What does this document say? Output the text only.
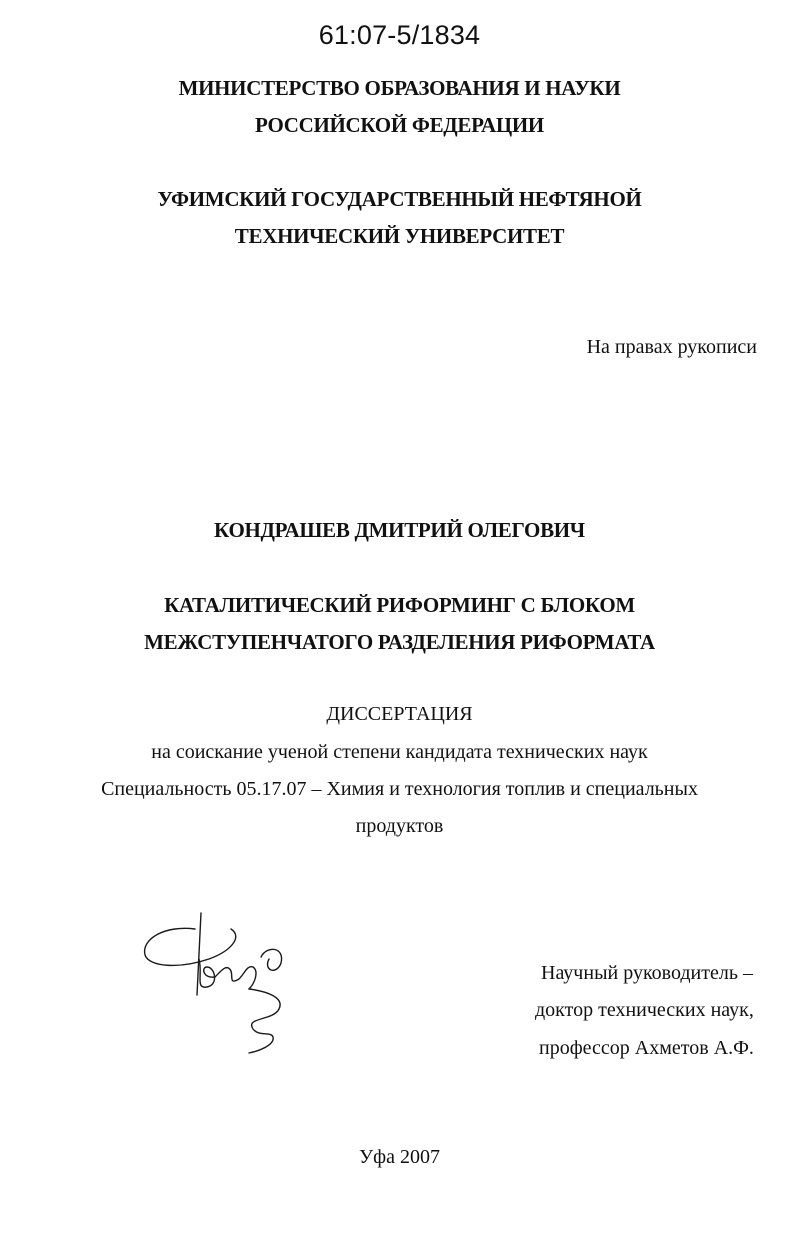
61:07-5/1834
МИНИСТЕРСТВО ОБРАЗОВАНИЯ И НАУКИ
РОССИЙСКОЙ ФЕДЕРАЦИИ
УФИМСКИЙ ГОСУДАРСТВЕННЫЙ НЕФТЯНОЙ
ТЕХНИЧЕСКИЙ УНИВЕРСИТЕТ
На правах рукописи
КОНДРАШЕВ ДМИТРИЙ ОЛЕГОВИЧ
КАТАЛИТИЧЕСКИЙ РИФОРМИНГ С БЛОКОМ
МЕЖСТУПЕНЧАТОГО РАЗДЕЛЕНИЯ РИФОРМАТА
ДИССЕРТАЦИЯ
на соискание ученой степени кандидата технических наук
Специальность 05.17.07 – Химия и технология топлив и специальных
продуктов
Научный руководитель –
доктор технических наук,
профессор Ахметов А.Ф.
Уфа 2007
